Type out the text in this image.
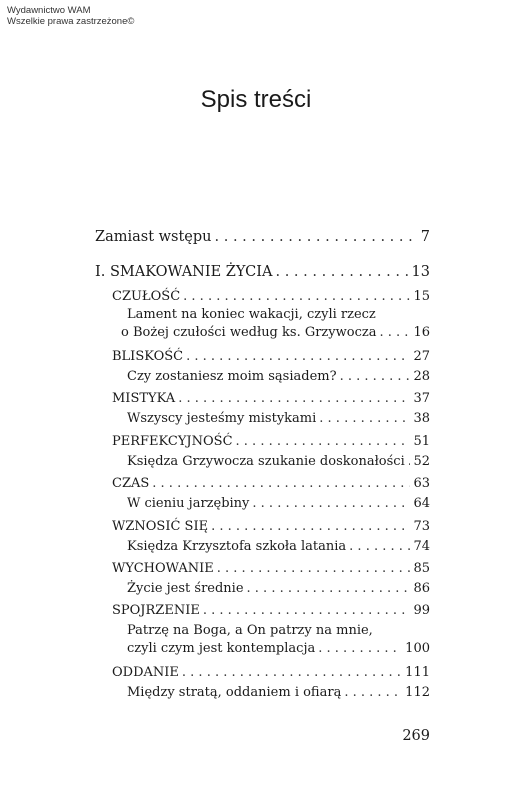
Wydawnictwo WAM
Wszelkie prawa zastrzeżone©
Spis treści
Zamiast wstępu . . .	7
I. SMAKOWANIE ŻYCIA . . .	13
CZUŁOŚĆ . . .	15
Lament na koniec wakacji, czyli rzecz
o Bożej czułości według ks. Grzywocza . . .	16
BLISKOŚĆ . . .	27
Czy zostaniesz moim sąsiadem? . . .	28
MISTYKA . . .	37
Wszyscy jesteśmy mistykami . . .	38
PERFEKCYJNOŚĆ . . .	51
Księdza Grzywocza szukanie doskonałości . . . 52
CZAS . . .	63
W cieniu jarzębiny . . .	64
WZNOSIĆ SIĘ . . .	73
Księdza Krzysztofa szkoła latania . . .	74
WYCHOWANIE . . .	85
Życie jest średnie . . .	86
SPOJRZENIE . . .	99
Patrzę na Boga, a On patrzy na mnie,
czyli czym jest kontemplacja . . .	100
ODDANIE . . .	111
Między stratą, oddaniem i ofiarą . . .	112
269
